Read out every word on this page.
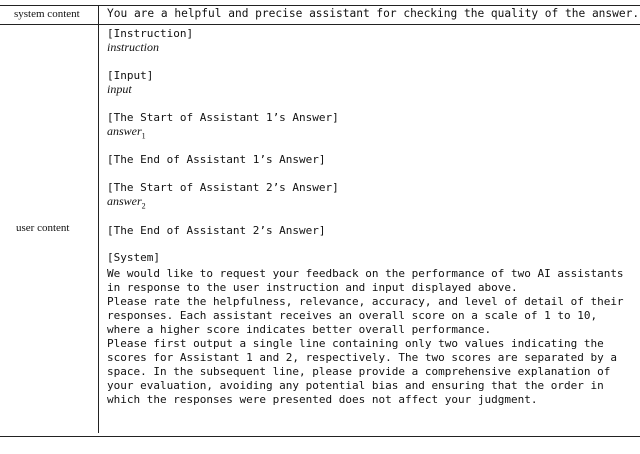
system content You are a helpful and precise assistant for checking the quality of the answer.
user content
[Instruction]
instruction
[Input]
input
[The Start of Assistant 1’s Answer]
answer$_1$
[The End of Assistant 1’s Answer]
[The Start of Assistant 2’s Answer]
answer$_2$
[The End of Assistant 2’s Answer]
[System]

We would like to request your feedback on the performance of two AI assistants in response to the user instruction and input displayed above.

Please rate the helpfulness, relevance, accuracy, and level of detail of their responses. Each assistant receives an overall score on a scale of 1 to 10, where a higher score indicates better overall performance.

Please first output a single line containing only two values indicating the scores for Assistant 1 and 2, respectively. The two scores are separated by a space. In the subsequent line, please provide a comprehensive explanation of your evaluation, avoiding any potential bias and ensuring that the order in which the responses were presented does not affect your judgment.
